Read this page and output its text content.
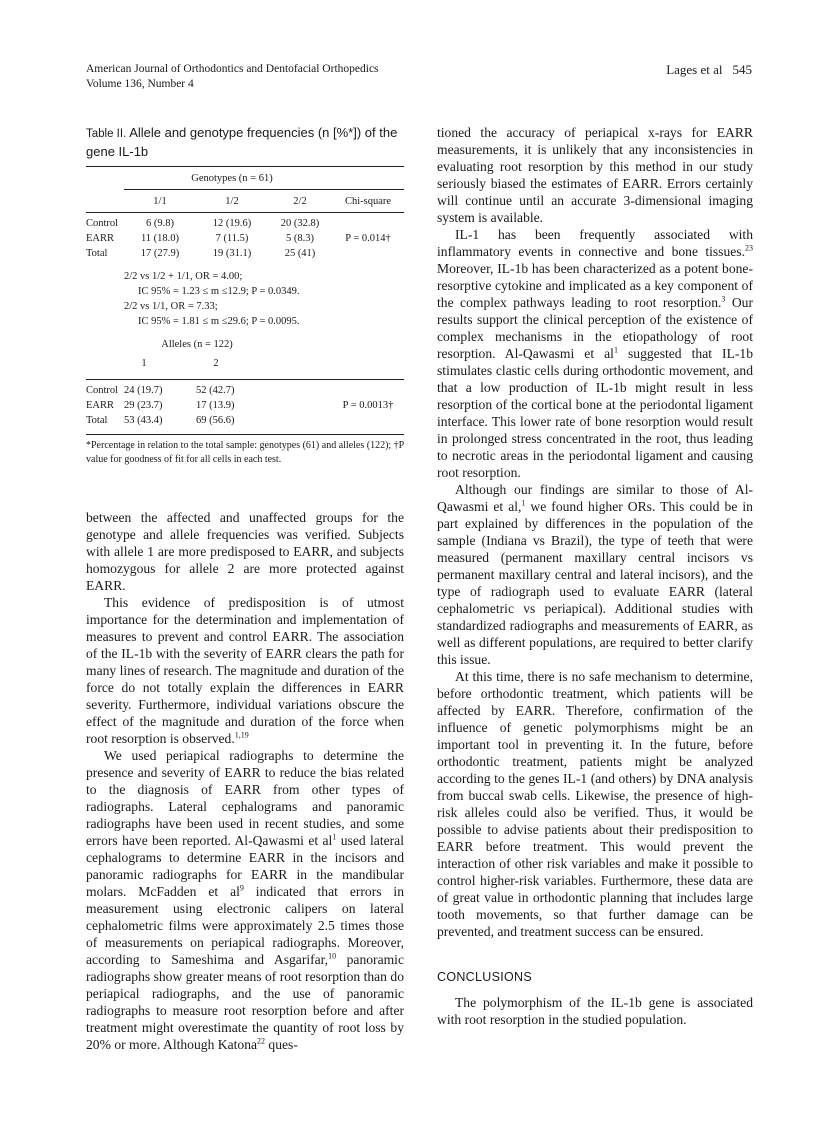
American Journal of Orthodontics and Dentofacial Orthopedics
Volume 136, Number 4
Lages et al 545
Table II. Allele and genotype frequencies (n [%*]) of the gene IL-1b
Genotypes (n = 61)
1/1	1/2	2/2	Chi-square
Control	6 (9.8)	12 (19.6)	20 (32.8)
EARR	11 (18.0)	7 (11.5)	5 (8.3)	P = 0.014†
Total	17 (27.9)	19 (31.1)	25 (41)
2/2 vs 1/2 + 1/1, OR = 4.00;
IC 95% = 1.23 ≤ m ≤12.9; P = 0.0349.
2/2 vs 1/1, OR = 7.33;
IC 95% = 1.81 ≤ m ≤29.6; P = 0.0095.
Alleles (n = 122)
1	2
Control 24 (19.7)	52 (42.7)
EARR 29 (23.7)	17 (13.9)	P = 0.0013†
Total	53 (43.4)	69 (56.6)
*Percentage in relation to the total sample: genotypes (61) and alleles (122); †P value for goodness of fit for all cells in each test.

between the affected and unaffected groups for the genotype and allele frequencies was verified. Subjects with allele 1 are more predisposed to EARR, and subjects homozygous for allele 2 are more protected against EARR.

This evidence of predisposition is of utmost importance for the determination and implementation of measures to prevent and control EARR. The association of the IL-1b with the severity of EARR clears the path for many lines of research. The magnitude and duration of the force do not totally explain the differences in EARR severity. Furthermore, individual variations obscure the effect of the magnitude and duration of the force when root resorption is observed.$^{1,19}$

We used periapical radiographs to determine the presence and severity of EARR to reduce the bias related to the diagnosis of EARR from other types of radiographs. Lateral cephalograms and panoramic radiographs have been used in recent studies, and some errors have been reported. Al-Qawasmi et $al^1$ used lateral cephalograms to determine EARR in the incisors and panoramic radiographs for EARR in the mandibular molars. McFadden et $al^9$ indicated that errors in measurement using electronic calipers on lateral cephalometric films were approximately 2.5 times those of measurements on periapical radiographs. Moreover, according to Sameshima and Asgarifar,$^{10}$ panoramic radiographs show greater means of root resorption than do periapical radiographs, and the use of panoramic radiographs to measure root resorption before and after treatment might overestimate the quantity of root loss by 20% or more. Although Katona$^{22}$ ques-

tioned the accuracy of periapical x-rays for EARR measurements, it is unlikely that any inconsistencies in evaluating root resorption by this method in our study seriously biased the estimates of EARR. Errors certainly will continue until an accurate 3-dimensional imaging system is available.

IL-1 has been frequently associated with inflammatory events in connective and bone tissues.$^{23}$ Moreover, IL-1b has been characterized as a potent bone-resorptive cytokine and implicated as a key component of the complex pathways leading to root resorption.$^3$ Our results support the clinical perception of the existence of complex mechanisms in the etiopathology of root resorption. Al-Qawasmi et $al^1$ suggested that IL-1b stimulates clastic cells during orthodontic movement, and that a low production of IL-1b might result in less resorption of the cortical bone at the periodontal ligament interface. This lower rate of bone resorption would result in prolonged stress concentrated in the root, thus leading to necrotic areas in the periodontal ligament and causing root resorption.

Although our findings are similar to those of Al-Qawasmi et al,$^1$ we found higher ORs. This could be in part explained by differences in the population of the sample (Indiana vs Brazil), the type of teeth that were measured (permanent maxillary central incisors vs permanent maxillary central and lateral incisors), and the type of radiograph used to evaluate EARR (lateral cephalometric vs periapical). Additional studies with standardized radiographs and measurements of EARR, as well as different populations, are required to better clarify this issue.

At this time, there is no safe mechanism to determine, before orthodontic treatment, which patients will be affected by EARR. Therefore, confirmation of the influence of genetic polymorphisms might be an important tool in preventing it. In the future, before orthodontic treatment, patients might be analyzed according to the genes IL-1 (and others) by DNA analysis from buccal swab cells. Likewise, the presence of high-risk alleles could also be verified. Thus, it would be possible to advise patients about their predisposition to EARR before treatment. This would prevent the interaction of other risk variables and make it possible to control higher-risk variables. Furthermore, these data are of great value in orthodontic planning that includes large tooth movements, so that further damage can be prevented, and treatment success can be ensured.

CONCLUSIONS

The polymorphism of the IL-1b gene is associated with root resorption in the studied population.
